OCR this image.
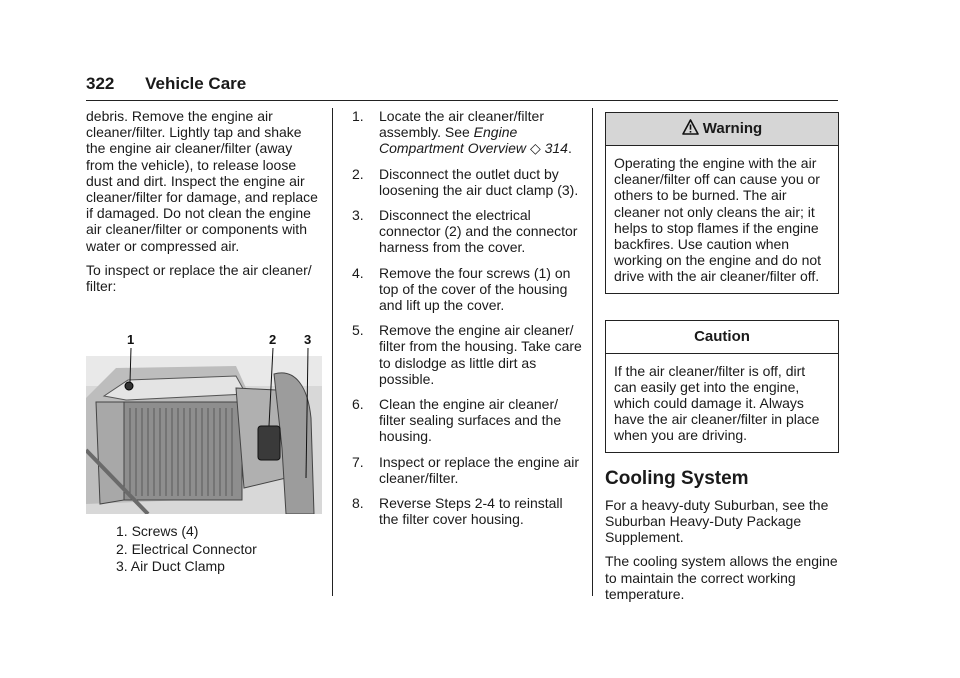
322 Vehicle Care

debris. Remove the engine air cleaner/filter. Lightly tap and shake the engine air cleaner/filter (away from the vehicle), to release loose dust and dirt. Inspect the engine air cleaner/filter for damage, and replace if damaged. Do not clean the engine air cleaner/filter or components with water or compressed air.

To inspect or replace the air cleaner/ filter:

1	2 3
1. Screws (4)
2. Electrical Connector
3. Air Duct Clamp
1.	Locate the air cleaner/filter assembly. See Engine Compartment Overview ◇ 314.
2.	Disconnect the outlet duct by loosening the air duct clamp (3).
3.	Disconnect the electrical connector (2) and the connector harness from the cover.
4.	Remove the four screws (1) on top of the cover of the housing and lift up the cover.
5.	Remove the engine air cleaner/ filter from the housing. Take care to dislodge as little dirt as possible.
6.	Clean the engine air cleaner/ filter sealing surfaces and the housing.
7.	Inspect or replace the engine air cleaner/filter.
8.	Reverse Steps 2-4 to reinstall the filter cover housing.
Warning
Operating the engine with the air cleaner/filter off can cause you or others to be burned. The air cleaner not only cleans the air; it helps to stop flames if the engine backfires. Use caution when working on the engine and do not drive with the air cleaner/filter off.
Caution
If the air cleaner/filter is off, dirt can easily get into the engine, which could damage it. Always have the air cleaner/filter in place when you are driving.
Cooling System

For a heavy-duty Suburban, see the Suburban Heavy-Duty Package Supplement.

The cooling system allows the engine to maintain the correct working temperature.
